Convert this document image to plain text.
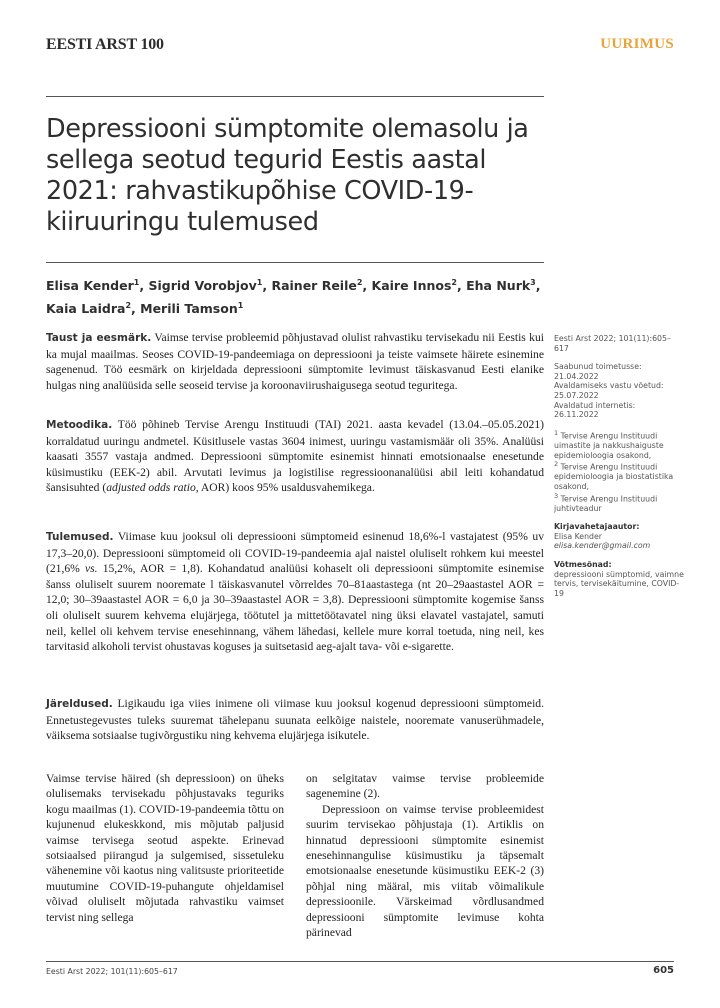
EESTI ARST 100	UURIMUS
Depressiooni sümptomite olemasolu ja sellega seotud tegurid Eestis aastal 2021: rahvastikupõhise COVID-19-kiiruuringu tulemused

Elisa Kender$^1$, Sigrid Vorobjov$^1$, Rainer Reile$^2$, Kaire Innos$^2$, Eha Nurk$^3$,
Kaia Laidra$^2$, Merili Tamson$^1$

Taust ja eesmärk. Vaimse tervise probleemid põhjustavad olulist rahvastiku tervisekadu nii Eestis kui ka mujal maailmas. Seoses COVID-19-pandeemiaga on depressiooni ja teiste vaimsete häirete esinemine sagenenud. Töö eesmärk on kirjeldada depressiooni sümptomite levimust täiskasvanud Eesti elanike hulgas ning analüüsida selle seoseid tervise ja koroonaviirushaigusega seotud teguritega.

Metoodika. Töö põhineb Tervise Arengu Instituudi (TAI) 2021. aasta kevadel (13.04.–05.05.2021) korraldatud uuringu andmetel. Küsitlusele vastas 3604 inimest, uuringu vastamismäär oli 35%. Analüüsi kaasati 3557 vastaja andmed. Depressiooni sümptomite esinemist hinnati emotsionaalse enesetunde küsimustiku (EEK-2) abil. Arvutati levimus ja logistilise regressioonanalüüsi abil leiti kohandatud šansisuhted (adjusted odds ratio, AOR) koos 95% usaldusvahemikega.

Tulemused. Viimase kuu jooksul oli depressiooni sümptomeid esinenud 18,6%-l vastajatest (95% uv 17,3–20,0). Depressiooni sümptomeid oli COVID-19-pandeemia ajal naistel oluliselt rohkem kui meestel (21,6% vs. 15,2%, AOR = 1,8). Kohandatud analüüsi kohaselt oli depressiooni sümptomite esinemise šanss oluliselt suurem nooremate l täiskasvanutel võrreldes 70–81aastastega (nt 20–29aastastel AOR = 12,0; 30–39aastastel AOR = 6,0 ja 30–39aastastel AOR = 3,8). Depressiooni sümptomite kogemise šanss oli oluliselt suurem kehvema elujärjega, töötutel ja mittetöötavatel ning üksi elavatel vastajatel, samuti neil, kellel oli kehvem tervise enesehinnang, vähem lähedasi, kellele mure korral toetuda, ning neil, kes tarvitasid alkoholi tervist ohustavas koguses ja suitsetasid aeg-ajalt tava- või e-sigarette.

Järeldused. Ligikaudu iga viies inimene oli viimase kuu jooksul kogenud depressiooni sümptomeid. Ennetustegevustes tuleks suuremat tähelepanu suunata eelkõige naistele, nooremate vanuserühmadele, väiksema sotsiaalse tugivõrgustiku ning kehvema elujärjega isikutele.

Eesti Arst 2022; 101(11):605–617
Saabunud toimetusse:
21.04.2022
Avaldamiseks vastu võetud:
25.07.2022
Avaldatud internetis:
26.11.2022
$^1$ Tervise Arengu Instituudi uimastite ja nakkushaiguste epidemioloogia osakond,
$^2$ Tervise Arengu Instituudi epidemioloogia ja biostatistika osakond,
$^3$ Tervise Arengu Instituudi juhtivteadur
Kirjavahetajaautor:
Elisa Kender
elisa.kender@gmail.com
Võtmesõnad:
depressiooni sümptomid, vaimne tervis, tervisekäitumine, COVID-19

Vaimse tervise häired (sh depressioon) on üheks olulisemaks tervisekadu põhjustavaks teguriks kogu maailmas (1). COVID-19-pandeemia tõttu on kujunenud elukeskkond, mis mõjutab paljusid vaimse tervisega seotud aspekte. Erinevad sotsiaalsed piirangud ja sulgemised, sissetuleku vähenemine või kaotus ning valitsuste prioriteetide muutumine COVID-19-puhangute ohjeldamisel võivad oluliselt mõjutada rahvastiku vaimset tervist ning sellega

on selgitatav vaimse tervise probleemide sagenemine (2).

Depressioon on vaimse tervise probleemidest suurim tervisekao põhjustaja (1). Artiklis on hinnatud depressiooni sümptomite esinemist enesehinnangulise küsimustiku ja täpsemalt emotsionaalse enesetunde küsimustiku EEK-2 (3) põhjal ning määral, mis viitab võimalikule depressioonile. Värskeimad võrdlusandmed depressiooni sümptomite levimuse kohta pärinevad

Eesti Arst 2022; 101(11):605–617	605
